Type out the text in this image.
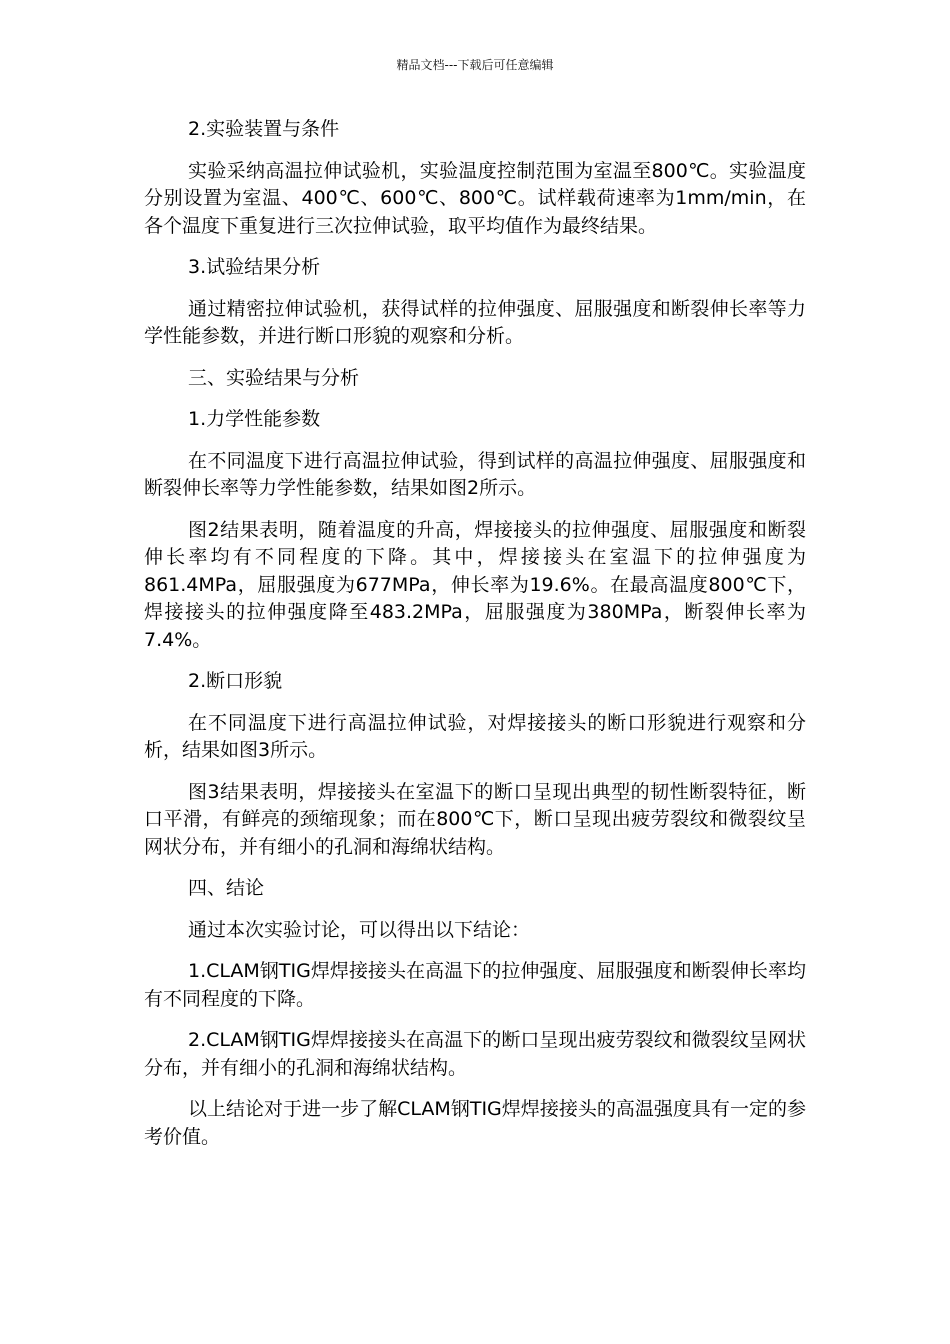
精品文档---下载后可任意编辑

2.实验装置与条件

实验采纳高温拉伸试验机，实验温度控制范围为室温至800℃。实验温度分别设置为室温、400℃、600℃、800℃。试样载荷速率为1mm/min，在各个温度下重复进行三次拉伸试验，取平均值作为最终结果。

3.试验结果分析

通过精密拉伸试验机，获得试样的拉伸强度、屈服强度和断裂伸长率等力学性能参数，并进行断口形貌的观察和分析。

三、实验结果与分析

1.力学性能参数

在不同温度下进行高温拉伸试验，得到试样的高温拉伸强度、屈服强度和断裂伸长率等力学性能参数，结果如图2所示。

图2结果表明，随着温度的升高，焊接接头的拉伸强度、屈服强度和断裂伸长率均有不同程度的下降。其中，焊接接头在室温下的拉伸强度为861.4MPa，屈服强度为677MPa，伸长率为19.6%。在最高温度800℃下，焊接接头的拉伸强度降至483.2MPa，屈服强度为380MPa，断裂伸长率为7.4%。

2.断口形貌

在不同温度下进行高温拉伸试验，对焊接接头的断口形貌进行观察和分析，结果如图3所示。

图3结果表明，焊接接头在室温下的断口呈现出典型的韧性断裂特征，断口平滑，有鲜亮的颈缩现象；而在800℃下，断口呈现出疲劳裂纹和微裂纹呈网状分布，并有细小的孔洞和海绵状结构。

四、结论

通过本次实验讨论，可以得出以下结论：

1.CLAM钢TIG焊焊接接头在高温下的拉伸强度、屈服强度和断裂伸长率均有不同程度的下降。

2.CLAM钢TIG焊焊接接头在高温下的断口呈现出疲劳裂纹和微裂纹呈网状分布，并有细小的孔洞和海绵状结构。

以上结论对于进一步了解CLAM钢TIG焊焊接接头的高温强度具有一定的参考价值。
